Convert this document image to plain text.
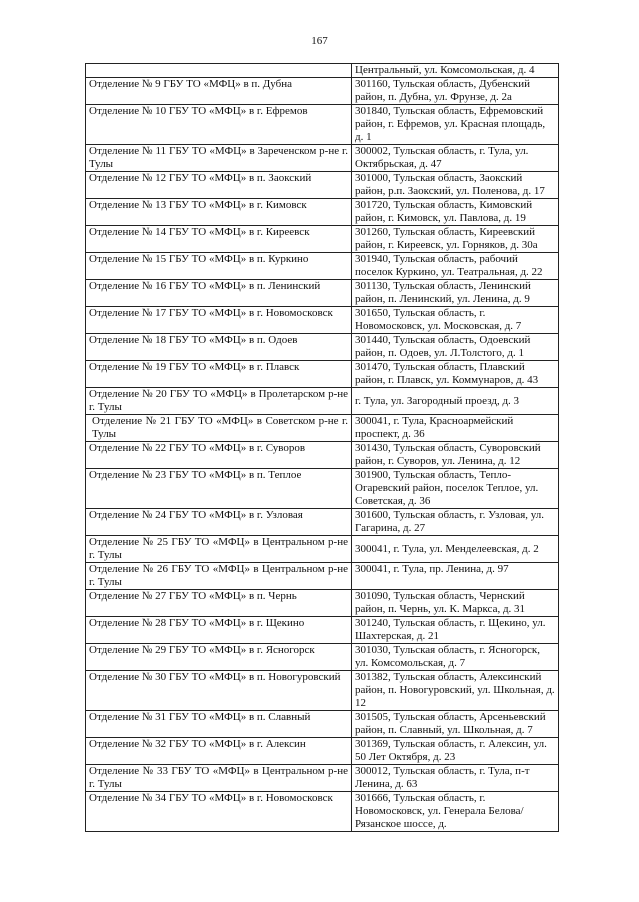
167
	Центральный, ул. Комсомольская, д. 4
Отделение № 9 ГБУ ТО «МФЦ» в п. Дубна	301160, Тульская область, Дубенский район, п. Дубна, ул. Фрунзе, д. 2а
Отделение № 10 ГБУ ТО «МФЦ» в г. Ефремов	301840, Тульская область, Ефремовский район, г. Ефремов, ул. Красная площадь, д. 1
Отделение № 11 ГБУ ТО «МФЦ» в Зареченском р-не г. Тулы	300002, Тульская область, г. Тула, ул. Октябрьская, д. 47
Отделение № 12 ГБУ ТО «МФЦ» в п. Заокский	301000, Тульская область, Заокский район, р.п. Заокский, ул. Поленова, д. 17
Отделение № 13 ГБУ ТО «МФЦ» в г. Кимовск	301720, Тульская область, Кимовский район, г. Кимовск, ул. Павлова, д. 19
Отделение № 14 ГБУ ТО «МФЦ» в г. Киреевск	301260, Тульская область, Киреевский район, г. Киреевск, ул. Горняков, д. 30а
Отделение № 15 ГБУ ТО «МФЦ» в п. Куркино	301940, Тульская область, рабочий поселок Куркино, ул. Театральная, д. 22
Отделение № 16 ГБУ ТО «МФЦ» в п. Ленинский	301130, Тульская область, Ленинский район, п. Ленинский, ул. Ленина, д. 9
Отделение № 17 ГБУ ТО «МФЦ» в г. Новомосковск	301650, Тульская область, г. Новомосковск, ул. Московская, д. 7
Отделение № 18 ГБУ ТО «МФЦ» в п. Одоев	301440, Тульская область, Одоевский район, п. Одоев, ул. Л.Толстого, д. 1
Отделение № 19 ГБУ ТО «МФЦ» в г. Плавск	301470, Тульская область, Плавский район, г. Плавск, ул. Коммунаров, д. 43
Отделение № 20 ГБУ ТО «МФЦ» в Пролетарском р-не г. Тулы	г. Тула, ул. Загородный проезд, д. 3
Отделение № 21 ГБУ ТО «МФЦ» в Советском р-не г. Тулы	300041, г. Тула, Красноармейский проспект, д. 36
Отделение № 22 ГБУ ТО «МФЦ» в г. Суворов	301430, Тульская область, Суворовский район, г. Суворов, ул. Ленина, д. 12
Отделение № 23 ГБУ ТО «МФЦ» в п. Теплое	301900, Тульская область, Тепло-Огаревский район, поселок Теплое, ул. Советская, д. 36
Отделение № 24 ГБУ ТО «МФЦ» в г. Узловая	301600, Тульская область, г. Узловая, ул. Гагарина, д. 27
Отделение № 25 ГБУ ТО «МФЦ» в Центральном р-не г. Тулы	300041, г. Тула, ул. Менделеевская, д. 2
Отделение № 26 ГБУ ТО «МФЦ» в Центральном р-не г. Тулы	300041, г. Тула, пр. Ленина, д. 97
Отделение № 27 ГБУ ТО «МФЦ» в п. Чернь	301090, Тульская область, Чернский район, п. Чернь, ул. К. Маркса, д. 31
Отделение № 28 ГБУ ТО «МФЦ» в г. Щекино	301240, Тульская область, г. Щекино, ул. Шахтерская, д. 21
Отделение № 29 ГБУ ТО «МФЦ» в г. Ясногорск	301030, Тульская область, г. Ясногорск, ул. Комсомольская, д. 7
Отделение № 30 ГБУ ТО «МФЦ» в п. Новогуровский	301382, Тульская область, Алексинский район, п. Новогуровский, ул. Школьная, д. 12
Отделение № 31 ГБУ ТО «МФЦ» в п. Славный	301505, Тульская область, Арсеньевский район, п. Славный, ул. Школьная, д. 7
Отделение № 32 ГБУ ТО «МФЦ» в г. Алексин	301369, Тульская область, г. Алексин, ул. 50 Лет Октября, д. 23
Отделение № 33 ГБУ ТО «МФЦ» в Центральном р-не г. Тулы	300012, Тульская область, г. Тула, п-т Ленина, д. 63
Отделение № 34 ГБУ ТО «МФЦ» в г. Новомосковск	301666, Тульская область, г. Новомосковск, ул. Генерала Белова/Рязанское шоссе, д.
